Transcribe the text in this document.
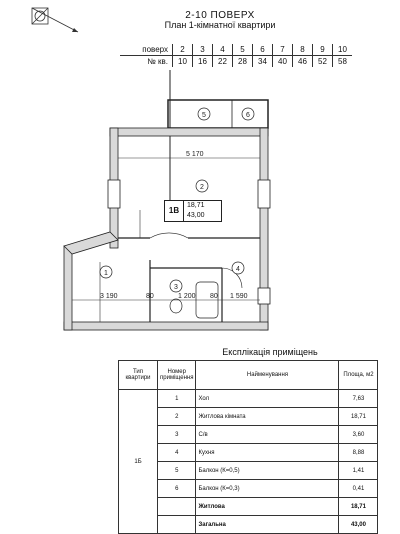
2-10 ПОВЕРХ
План 1-кімнатної квартири
поверх	2	3	4	5	6	7	8	9	10
№ кв.	10	16	22	28	34	40	46	52	58
5 170
3 190	80	1 200 80 1 590
1
2
3
4
5	6
1В
18,71
43,00
Експлікація приміщень
Тип квартири	Номер приміщення	Найменування	Площа, м2
1Б	1	Хол	7,63
	2	Житлова кімната	18,71
	3	С/в	3,60
	4	Кухня	8,88
	5	Балкон (К=0,5)	1,41
	6	Балкон (К=0,3)	0,41
		Житлова	18,71
		Загальна	43,00
